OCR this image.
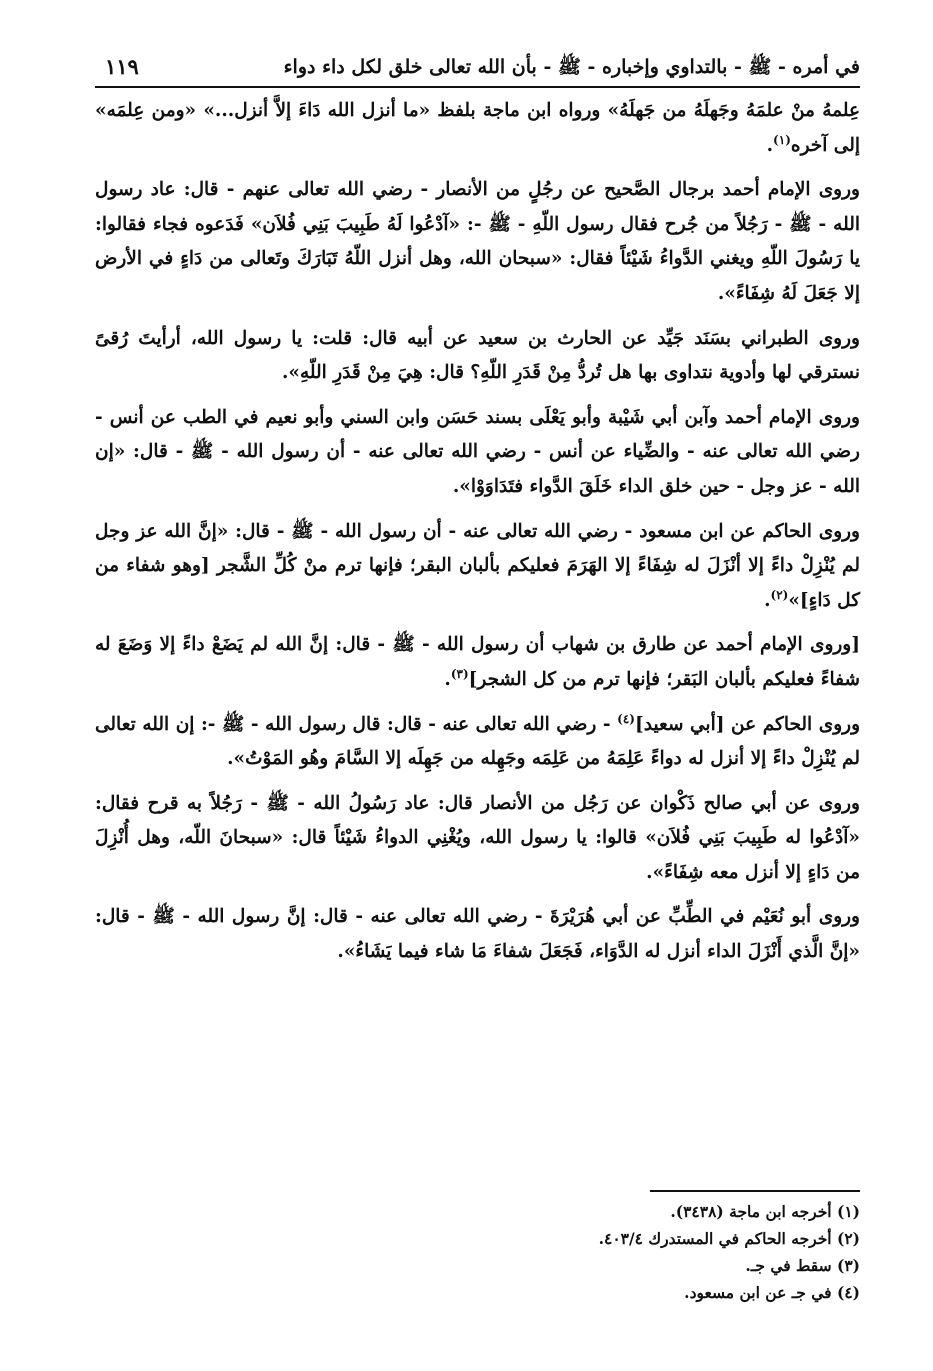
في أمره - ﷺ - بالتداوي وإخباره - ﷺ - بأن الله تعالى خلق لكل داء دواء
١١٩

عِلمهُ منْ علمَهُ وجَهلَهُ من جَهلَهُ» ورواه ابن ماجة بلفظ «ما أنزل الله دَاءَ إلاَّ أنزل...» «ومن عِلمَه» إلى آخره$^{(١)}$.

وروى الإمام أحمد برجال الصَّحيح عن رجُلٍ من الأنصار - رضي الله تعالى عنهم - قال: عاد رسول الله - ﷺ - رَجُلاً من جُرح فقال رسول اللّهِ - ﷺ -: «آدْعُوا لَهُ طَبِيبَ بَنِي فُلاَن» فَدَعوه فجاء فقالوا: يا رَسُولَ اللّهِ ويغني الدَّواءُ شَيْئاً فقال: «سبحان الله، وهل أنزل اللّهُ تَبَارَكَ وتَعالى من دَاءٍ في الأرض إلا جَعَلَ لَهُ شِفَاءً».

وروى الطبراني بسَنَد جَيِّد عن الحارث بن سعيد عن أبيه قال: قلت: يا رسول الله، أرأيتَ رُقىً نسترقي لها وأدوية نتداوى بها هل تُردُّ مِنْ قَدَرِ اللّهِ؟ قال: هِيَ مِنْ قَدَرِ اللّهِ».

وروى الإمام أحمد وآبن أبي شَيْبة وأبو يَعْلَى بسند حَسَن وابن السني وأبو نعيم في الطب عن أنس - رضي الله تعالى عنه - والضِّياء عن أنس - رضي الله تعالى عنه - أن رسول الله - ﷺ - قال: «إن الله - عز وجل - حين خلق الداء خَلَقَ الدَّواء فتَدَاوَوْا».

وروى الحاكم عن ابن مسعود - رضي الله تعالى عنه - أن رسول الله - ﷺ - قال: «إنَّ الله عز وجل لم يُنْزِلْ داءً إلا أنْزَلَ له شِفَاءً إلا الهَرَمَ فعليكم بألبان البقر؛ فإنها ترم منْ كُلِّ الشَّجر [وهو شفاء من كل دَاءٍ]»$^{(٢)}$.

[وروى الإمام أحمد عن طارق بن شهاب أن رسول الله - ﷺ - قال: إنَّ الله لم يَضَعْ داءً إلا وَضَعَ له شفاءً فعليكم بألبان البَقر؛ فإنها ترم من كل الشجر]$^{(٣)}$.

وروى الحاكم عن [أبي سعيد]$^{(٤)}$ - رضي الله تعالى عنه - قال: قال رسول الله - ﷺ -: إن الله تعالى لم يُنْزِلْ داءً إلا أنزل له دواءً عَلِمَهُ من عَلِمَه وجَهِله من جَهِلَه إلا السَّامَ وهُو المَوْتُ».

وروى عن أبي صالح ذَكْوان عن رَجُل من الأنصار قال: عاد رَسُولُ الله - ﷺ - رَجُلاً به قرح فقال: «آدْعُوا له طَبِيبَ بَنِي فُلاَن» قالوا: يا رسول الله، ويُغْنِي الدواءُ شَيْئاً قال: «سبحانَ اللّه، وهل أُنْزِلَ من دَاءٍ إلا أنزل معه شِفَاءً».

وروى أبو نُعَيْم في الطِّبِّ عن أبي هُرَيْرَةَ - رضي الله تعالى عنه - قال: إنَّ رسول الله - ﷺ - قال: «إنَّ الَّذي أَنْزَلَ الداء أنزل له الدَّوَاء، فَجَعَلَ شفاءَ مَا شاء فيما يَشَاءُ».

(١) أخرجه ابن ماجة (٣٤٣٨).
(٢) أخرجه الحاكم في المستدرك ٤٠٣/٤.
(٣) سقط في جـ.
(٤) في جـ عن ابن مسعود.
